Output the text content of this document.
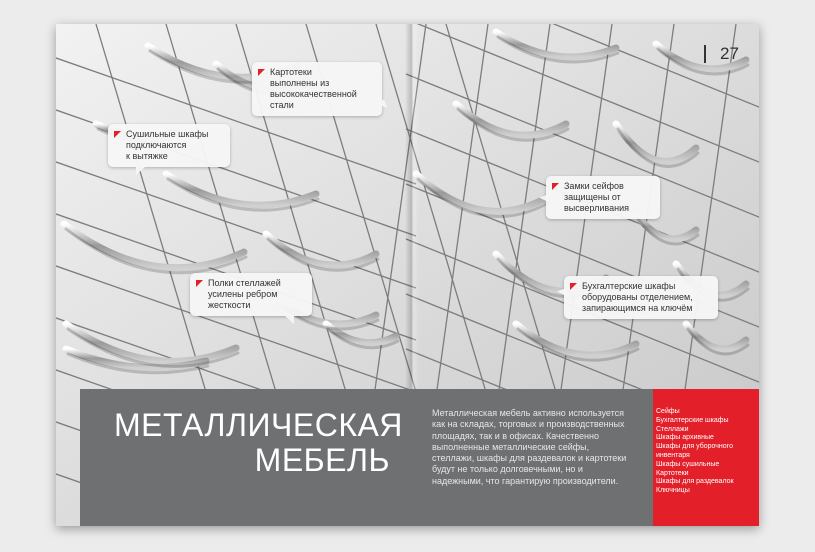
27
Картотеки
выполнены из
высококачественной
стали
Сушильные шкафы
подключаются
к вытяжке
Замки сейфов
защищены от
высверливания
Полки стеллажей
усилены ребром
жесткости
Бухгалтерские шкафы
оборудованы отделением,
запирающимся на ключём
МЕТАЛЛИЧЕСКАЯ
МЕБЕЛЬ

Металлическая мебель активно используется как на складах, торговых и производственных площадях, так и в офисах. Качественно выполненные металлические сейфы, стеллажи, шкафы для раздевалок и картотеки будут не только долговечными, но и надежными, что гарантирую производители.

Сейфы
Бухгалтерские шкафы
Стеллажи
Шкафы архивные
Шкафы для уборочного
инвентаря
Шкафы сушильные
Картотеки
Шкафы для раздевалок
Ключницы
